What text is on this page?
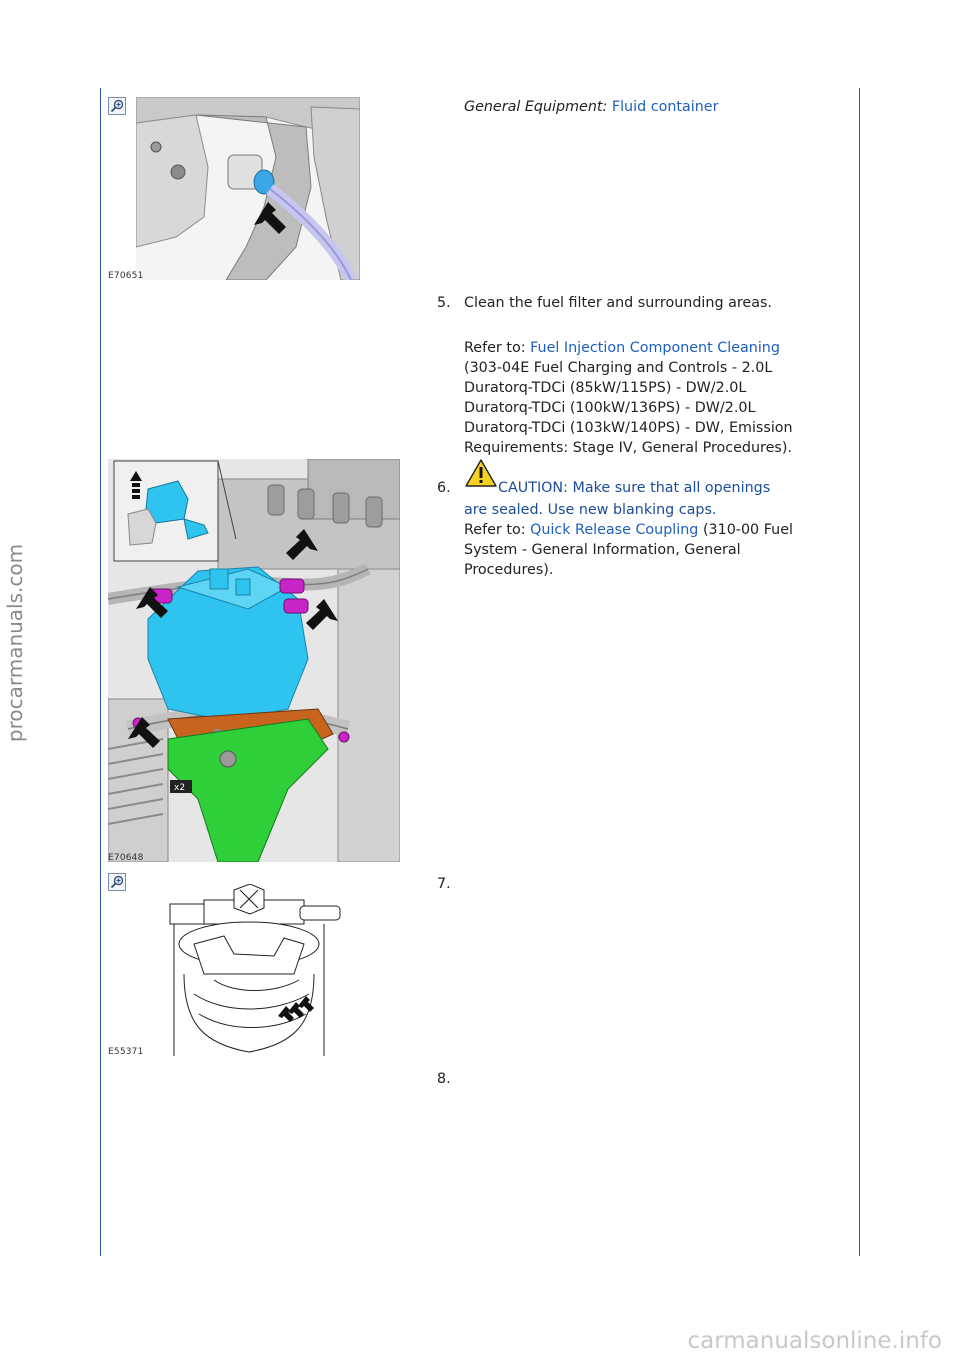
procarmanuals.com
carmanualsonline.info
E70651
General Equipment: Fluid container
5. Clean the fuel filter and surrounding areas.
Refer to: Fuel Injection Component Cleaning
(303-04E Fuel Charging and Controls - 2.0L
Duratorq-TDCi (85kW/115PS) - DW/2.0L
Duratorq-TDCi (100kW/136PS) - DW/2.0L
Duratorq-TDCi (103kW/140PS) - DW, Emission
Requirements: Stage IV, General Procedures).
x2
E70648
6.	CAUTION: Make sure that all openings
are sealed. Use new blanking caps.
Refer to: Quick Release Coupling (310-00 Fuel
System - General Information, General
Procedures).
E55371
7.
8.
